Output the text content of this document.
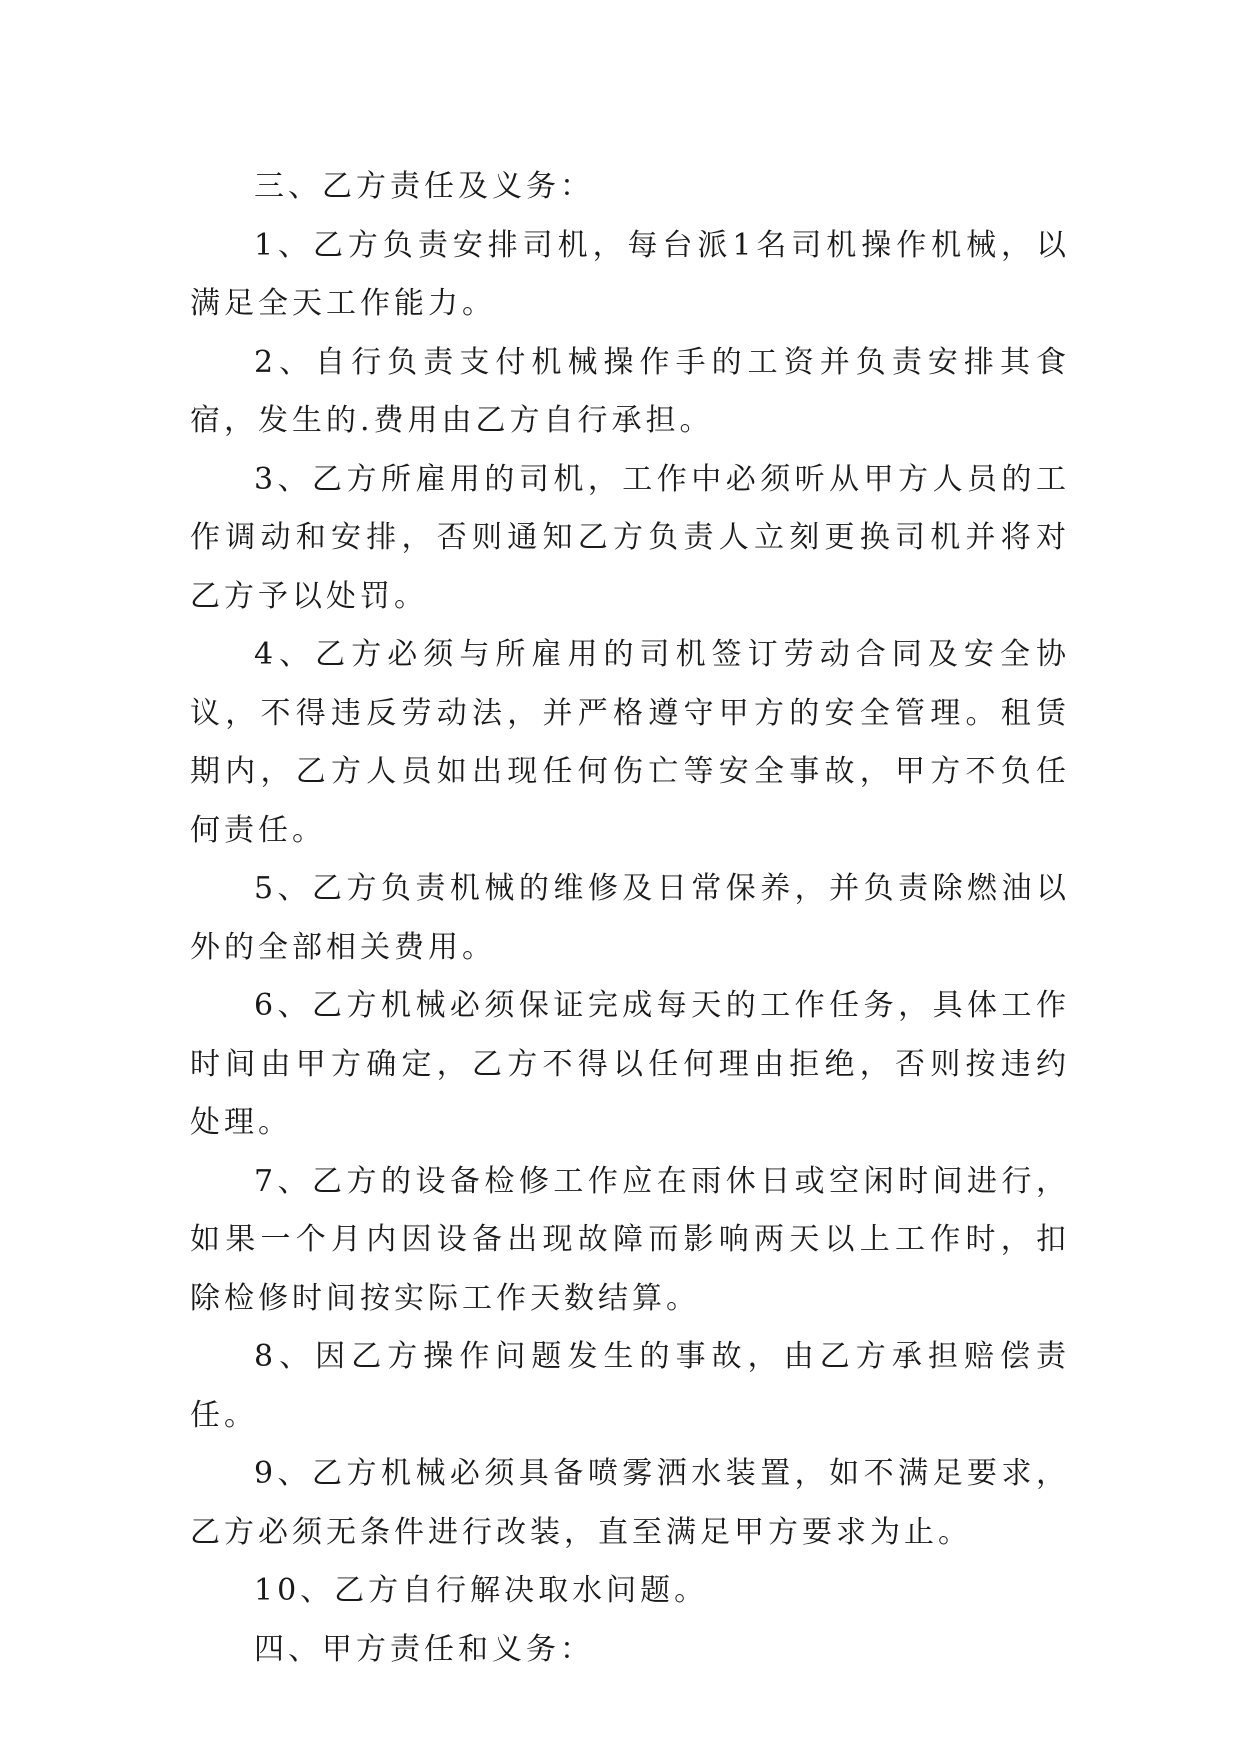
三、乙方责任及义务：

1、乙方负责安排司机，每台派1名司机操作机械，以满足全天工作能力。

2、自行负责支付机械操作手的工资并负责安排其食宿，发生的.费用由乙方自行承担。

3、乙方所雇用的司机，工作中必须听从甲方人员的工作调动和安排，否则通知乙方负责人立刻更换司机并将对乙方予以处罚。

4、乙方必须与所雇用的司机签订劳动合同及安全协议，不得违反劳动法，并严格遵守甲方的安全管理。租赁期内，乙方人员如出现任何伤亡等安全事故，甲方不负任何责任。

5、乙方负责机械的维修及日常保养，并负责除燃油以外的全部相关费用。

6、乙方机械必须保证完成每天的工作任务，具体工作时间由甲方确定，乙方不得以任何理由拒绝，否则按违约处理。

7、乙方的设备检修工作应在雨休日或空闲时间进行，如果一个月内因设备出现故障而影响两天以上工作时，扣除检修时间按实际工作天数结算。

8、因乙方操作问题发生的事故，由乙方承担赔偿责任。

9、乙方机械必须具备喷雾洒水装置，如不满足要求，乙方必须无条件进行改装，直至满足甲方要求为止。

10、乙方自行解决取水问题。

四、甲方责任和义务：
